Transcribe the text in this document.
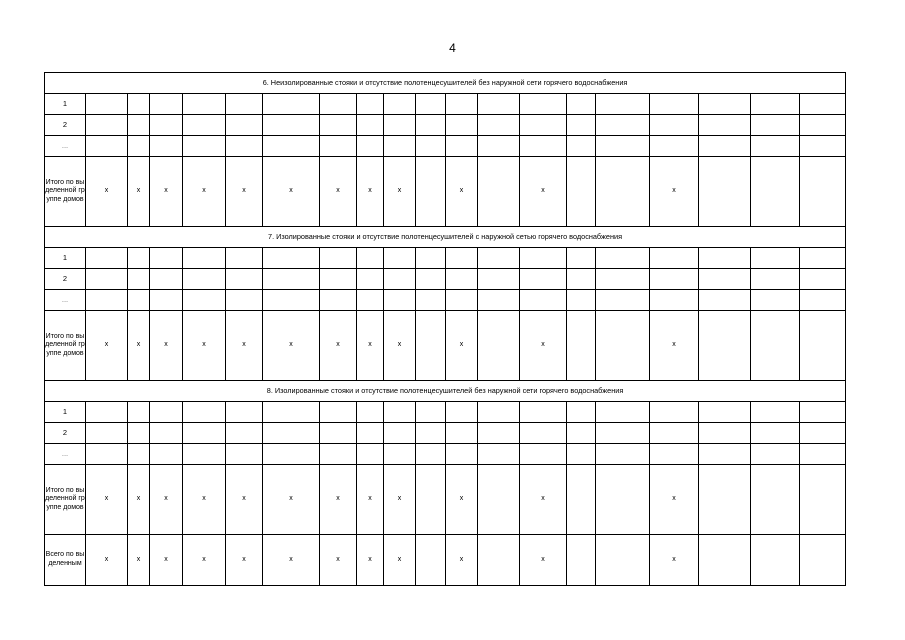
4
6. Неизолированные стояки и отсутствие полотенцесушителей без наружной сети горячего водоснабжения																			
1																			
2																			
...																			
Итого по выделенной группе домов	x	x	x	x	x	x	x	x	x		x		x			x			
7. Изолированные стояки и отсутствие полотенцесушителей с наружной сетью горячего водоснабжения																			
1																			
2																			
...																			
Итого по выделенной группе домов	x	x	x	x	x	x	x	x	x		x		x			x			
8. Изолированные стояки и отсутствие полотенцесушителей без наружной сети горячего водоснабжения																			
1																			
2																			
...																			
Итого по выделенной группе домов	x	x	x	x	x	x	x	x	x		x		x			x			
Всего по выделенным	x	x	x	x	x	x	x	x	x		x		x			x			
